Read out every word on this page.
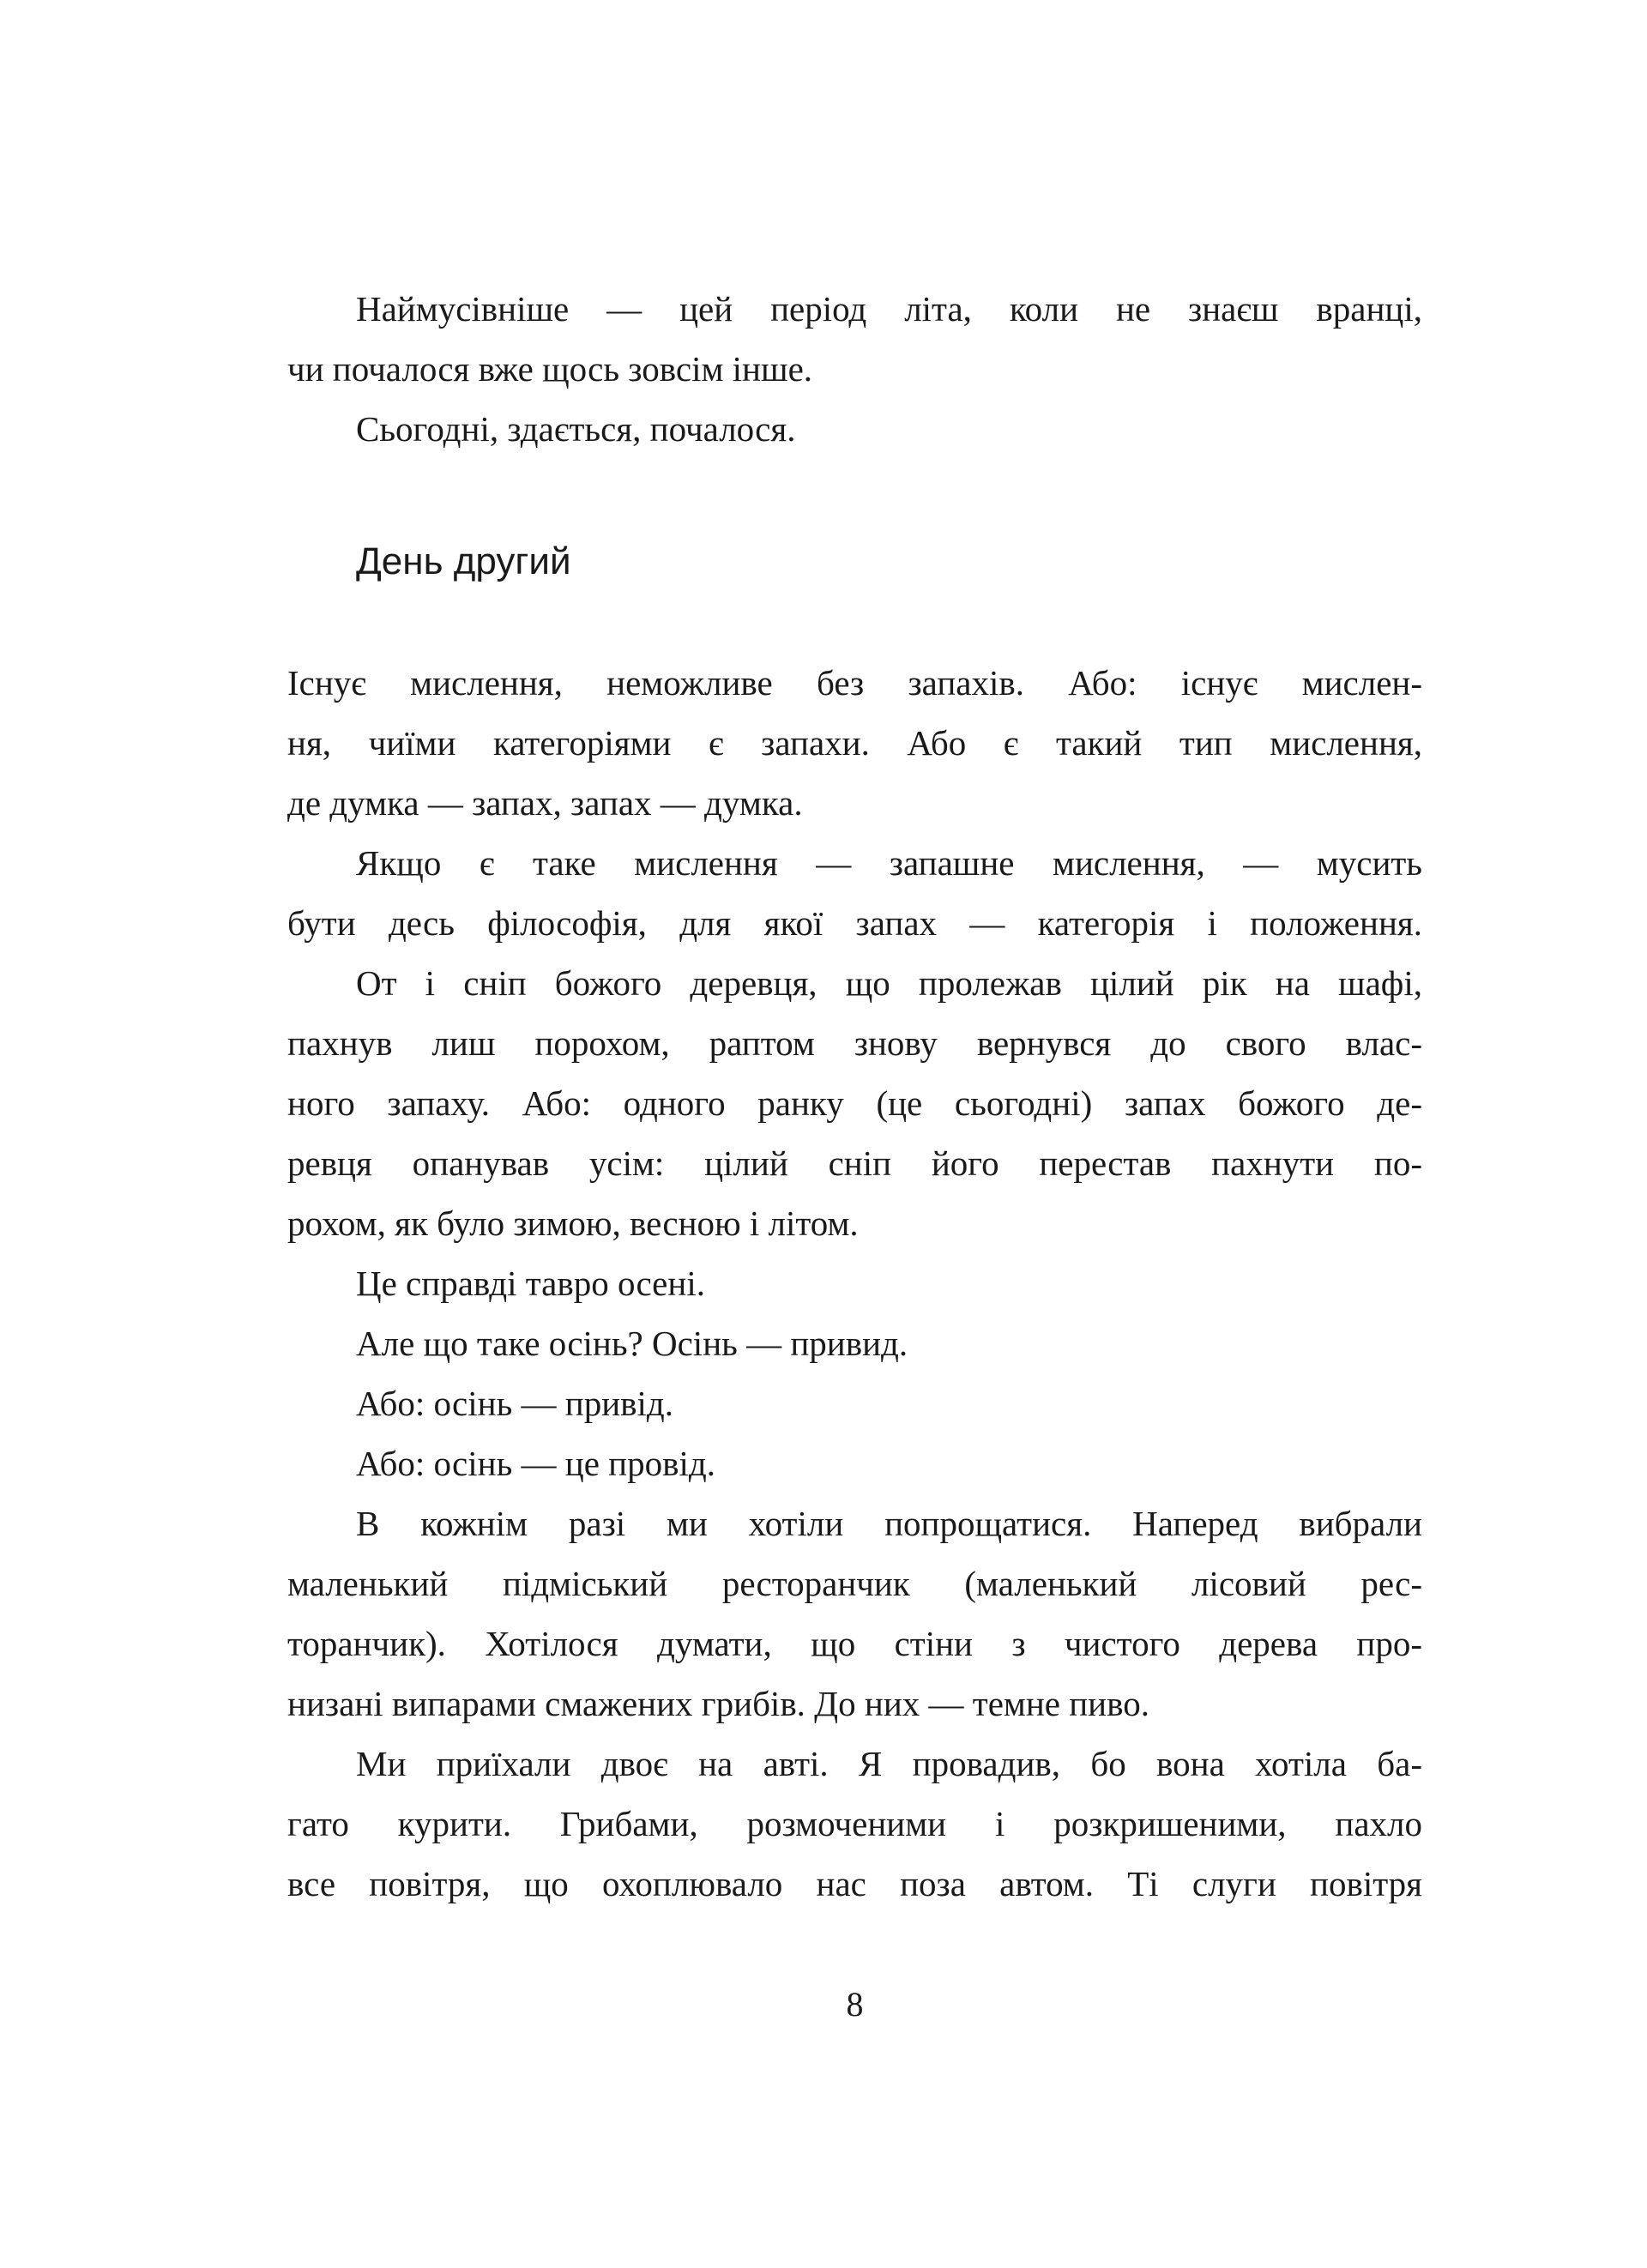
Наймусівніше — цей період літа, коли не знаєш вранці,
чи почалося вже щось зовсім інше.
Сьогодні, здається, почалося.
День другий
Існує мислення, неможливе без запахів. Або: існує мислен-
ня, чиїми категоріями є запахи. Або є такий тип мислення,
де думка — запах, запах — думка.
Якщо є таке мислення — запашне мислення, — мусить
бути десь філософія, для якої запах — категорія і положення.
От і сніп божого деревця, що пролежав цілий рік на шафі,
пахнув лиш порохом, раптом знову вернувся до свого влас-
ного запаху. Або: одного ранку (це сьогодні) запах божого де-
ревця опанував усім: цілий сніп його перестав пахнути по-
рохом, як було зимою, весною і літом.
Це справді тавро осені.
Але що таке осінь? Осінь — привид.
Або: осінь — привід.
Або: осінь — це провід.
В кожнім разі ми хотіли попрощатися. Наперед вибрали
маленький підміський ресторанчик (маленький лісовий рес-
торанчик). Хотілося думати, що стіни з чистого дерева про-
низані випарами смажених грибів. До них — темне пиво.
Ми приїхали двоє на авті. Я провадив, бо вона хотіла ба-
гато курити. Грибами, розмоченими і розкришеними, пахло
все повітря, що охоплювало нас поза автом. Ті слуги повітря
8
